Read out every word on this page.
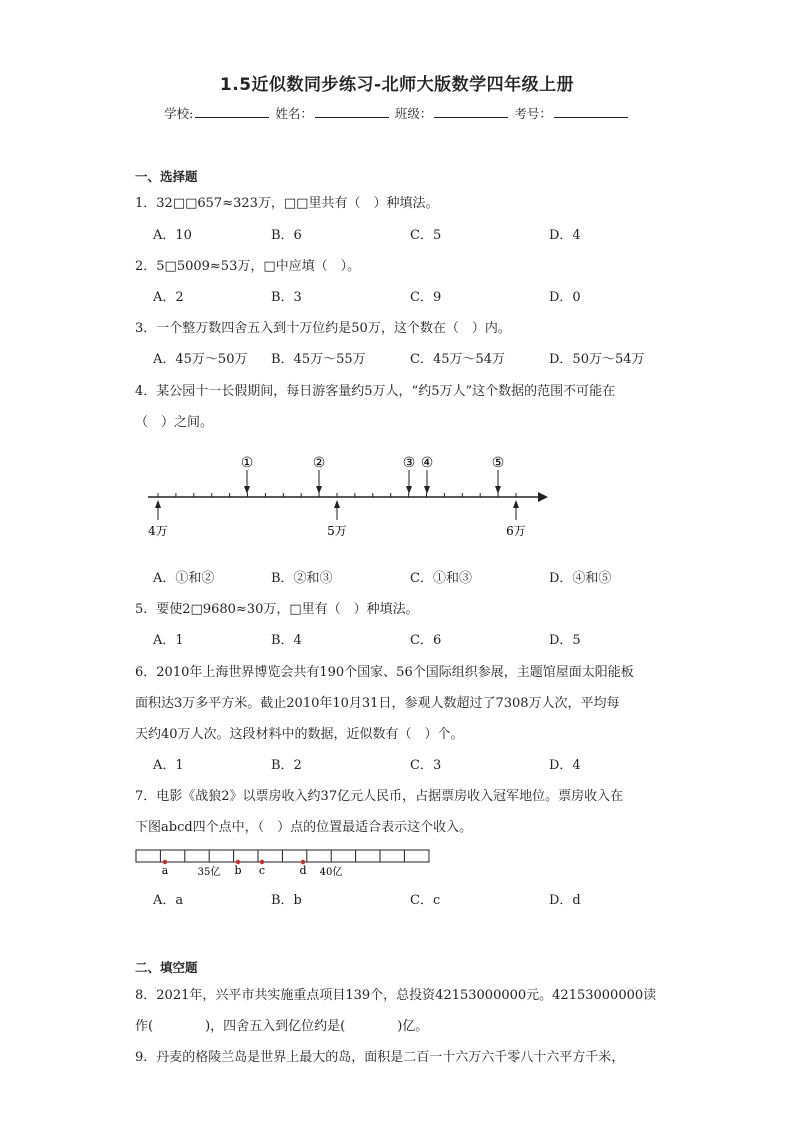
1.5近似数同步练习-北师大版数学四年级上册
学校:	姓名：	班级：	考号：
一、选择题
1．32□□657≈323万，□□里共有（　）种填法。
A．10	B．6	C．5	D．4
2．5□5009≈53万，□中应填（　）。
A．2	B．3	C．9	D．0
3．一个整万数四舍五入到十万位约是50万，这个数在（　）内。
A．45万～50万 B．45万～55万	C．45万～54万	D．50万～54万
4．某公园十一长假期间，每日游客量约5万人，“约5万人”这个数据的范围不可能在
（　）之间。
①	②	③ ④	⑤
4万	5万	6万
A．①和②	B．②和③	C．①和③	D．④和⑤
5．要使2□9680≈30万，□里有（　）种填法。
A．1	B．4	C．6	D．5
6．2010年上海世界博览会共有190个国家、56个国际组织参展，主题馆屋面太阳能板
面积达3万多平方米。截止2010年10月31日，参观人数超过了7308万人次，平均每
天约40万人次。这段材料中的数据，近似数有（　）个。
A．1	B．2	C．3	D．4
7．电影《战狼2》以票房收入约37亿元人民币，占据票房收入冠军地位。票房收入在
下图abcd四个点中，（　）点的位置最适合表示这个收入。
a	35亿 b c	d 40亿
A．a	B．b	C．c	D．d
二、填空题
8．2021年，兴平市共实施重点项目139个，总投资42153000000元。42153000000读
作(　　　　)，四舍五入到亿位约是(　　　　)亿。
9．丹麦的格陵兰岛是世界上最大的岛，面积是二百一十六万六千零八十六平方千米，
